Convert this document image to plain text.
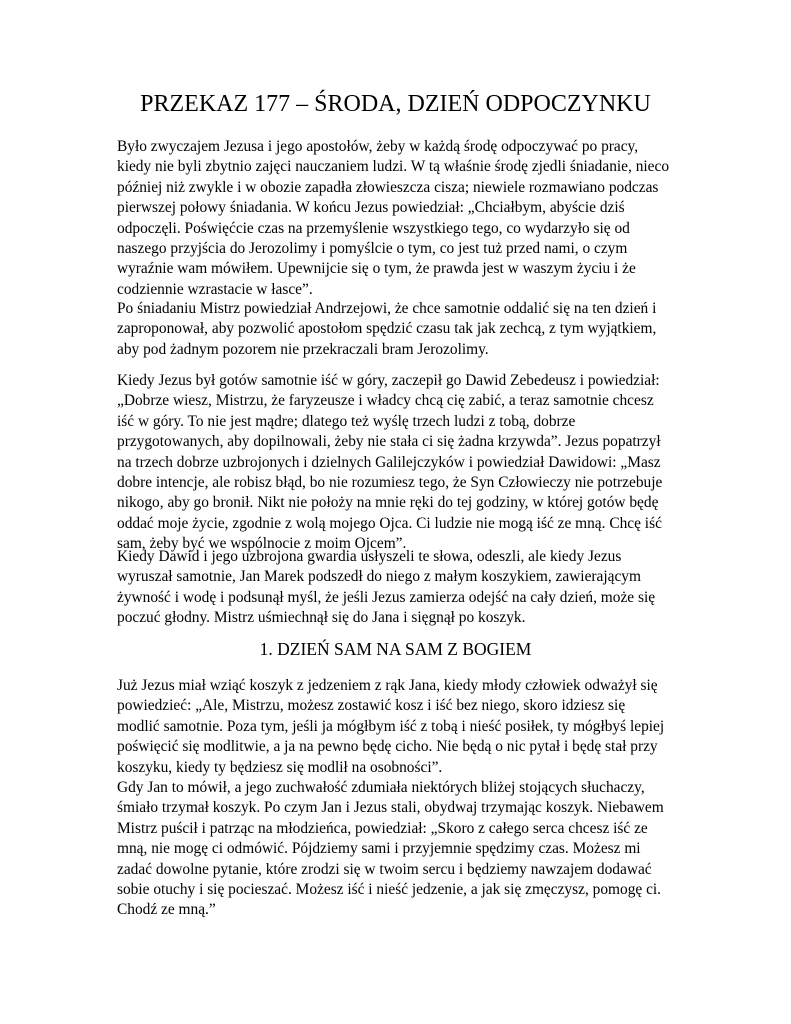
PRZEKAZ 177 – ŚRODA, DZIEŃ ODPOCZYNKU

Było zwyczajem Jezusa i jego apostołów, żeby w każdą środę odpoczywać po pracy,
kiedy nie byli zbytnio zajęci nauczaniem ludzi. W tą właśnie środę zjedli śniadanie, nieco
później niż zwykle i w obozie zapadła złowieszcza cisza; niewiele rozmawiano podczas
pierwszej połowy śniadania. W końcu Jezus powiedział: „Chciałbym, abyście dziś
odpoczęli. Poświęćcie czas na przemyślenie wszystkiego tego, co wydarzyło się od
naszego przyjścia do Jerozolimy i pomyślcie o tym, co jest tuż przed nami, o czym
wyraźnie wam mówiłem. Upewnijcie się o tym, że prawda jest w waszym życiu i że
codziennie wzrastacie w łasce”.

Po śniadaniu Mistrz powiedział Andrzejowi, że chce samotnie oddalić się na ten dzień i
zaproponował, aby pozwolić apostołom spędzić czasu tak jak zechcą, z tym wyjątkiem,
aby pod żadnym pozorem nie przekraczali bram Jerozolimy.

Kiedy Jezus był gotów samotnie iść w góry, zaczepił go Dawid Zebedeusz i powiedział:
„Dobrze wiesz, Mistrzu, że faryzeusze i władcy chcą cię zabić, a teraz samotnie chcesz
iść w góry. To nie jest mądre; dlatego też wyślę trzech ludzi z tobą, dobrze
przygotowanych, aby dopilnowali, żeby nie stała ci się żadna krzywda”. Jezus popatrzył
na trzech dobrze uzbrojonych i dzielnych Galilejczyków i powiedział Dawidowi: „Masz
dobre intencje, ale robisz błąd, bo nie rozumiesz tego, że Syn Człowieczy nie potrzebuje
nikogo, aby go bronił. Nikt nie położy na mnie ręki do tej godziny, w której gotów będę
oddać moje życie, zgodnie z wolą mojego Ojca. Ci ludzie nie mogą iść ze mną. Chcę iść
sam, żeby być we wspólnocie z moim Ojcem”.

Kiedy Dawid i jego uzbrojona gwardia usłyszeli te słowa, odeszli, ale kiedy Jezus
wyruszał samotnie, Jan Marek podszedł do niego z małym koszykiem, zawierającym
żywność i wodę i podsunął myśl, że jeśli Jezus zamierza odejść na cały dzień, może się
poczuć głodny. Mistrz uśmiechnął się do Jana i sięgnął po koszyk.

1. DZIEŃ SAM NA SAM Z BOGIEM

Już Jezus miał wziąć koszyk z jedzeniem z rąk Jana, kiedy młody człowiek odważył się
powiedzieć: „Ale, Mistrzu, możesz zostawić kosz i iść bez niego, skoro idziesz się
modlić samotnie. Poza tym, jeśli ja mógłbym iść z tobą i nieść posiłek, ty mógłbyś lepiej
poświęcić się modlitwie, a ja na pewno będę cicho. Nie będą o nic pytał i będę stał przy
koszyku, kiedy ty będziesz się modlił na osobności”.

Gdy Jan to mówił, a jego zuchwałość zdumiała niektórych bliżej stojących słuchaczy,
śmiało trzymał koszyk. Po czym Jan i Jezus stali, obydwaj trzymając koszyk. Niebawem
Mistrz puścił i patrząc na młodzieńca, powiedział: „Skoro z całego serca chcesz iść ze
mną, nie mogę ci odmówić. Pójdziemy sami i przyjemnie spędzimy czas. Możesz mi
zadać dowolne pytanie, które zrodzi się w twoim sercu i będziemy nawzajem dodawać
sobie otuchy i się pocieszać. Możesz iść i nieść jedzenie, a jak się zmęczysz, pomogę ci.
Chodź ze mną.”
